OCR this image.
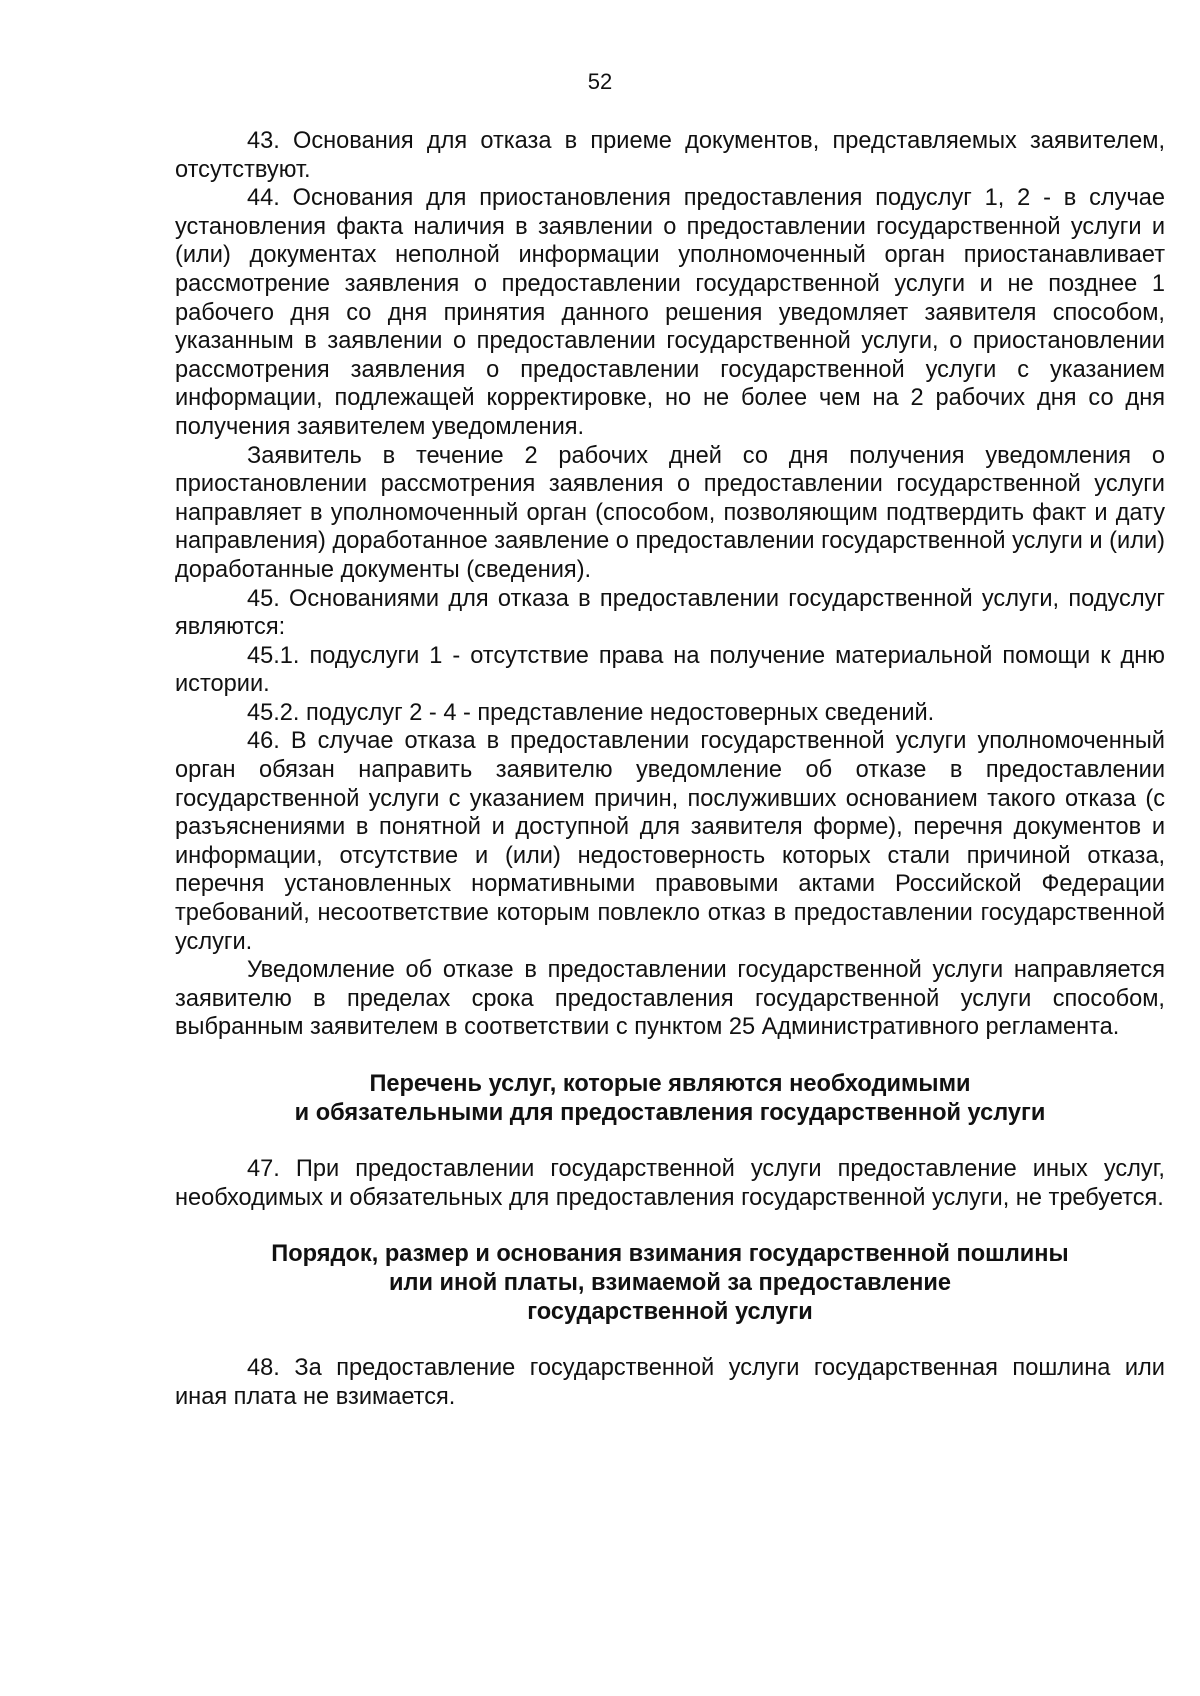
52

43. Основания для отказа в приеме документов, представляемых заявителем, отсутствуют.

44. Основания для приостановления предоставления подуслуг 1, 2 - в случае установления факта наличия в заявлении о предоставлении государственной услуги и (или) документах неполной информации уполномоченный орган приостанавливает рассмотрение заявления о предоставлении государственной услуги и не позднее 1 рабочего дня со дня принятия данного решения уведомляет заявителя способом, указанным в заявлении о предоставлении государственной услуги, о приостановлении рассмотрения заявления о предоставлении государственной услуги с указанием информации, подлежащей корректировке, но не более чем на 2 рабочих дня со дня получения заявителем уведомления.

Заявитель в течение 2 рабочих дней со дня получения уведомления о приостановлении рассмотрения заявления о предоставлении государственной услуги направляет в уполномоченный орган (способом, позволяющим подтвердить факт и дату направления) доработанное заявление о предоставлении государственной услуги и (или) доработанные документы (сведения).

45. Основаниями для отказа в предоставлении государственной услуги, подуслуг являются:

45.1. подуслуги 1 - отсутствие права на получение материальной помощи к дню истории.

45.2. подуслуг 2 - 4 - представление недостоверных сведений.

46. В случае отказа в предоставлении государственной услуги уполномоченный орган обязан направить заявителю уведомление об отказе в предоставлении государственной услуги с указанием причин, послуживших основанием такого отказа (с разъяснениями в понятной и доступной для заявителя форме), перечня документов и информации, отсутствие и (или) недостоверность которых стали причиной отказа, перечня установленных нормативными правовыми актами Российской Федерации требований, несоответствие которым повлекло отказ в предоставлении государственной услуги.

Уведомление об отказе в предоставлении государственной услуги направляется заявителю в пределах срока предоставления государственной услуги способом, выбранным заявителем в соответствии с пунктом 25 Административного регламента.

Перечень услуг, которые являются необходимыми
и обязательными для предоставления государственной услуги

47. При предоставлении государственной услуги предоставление иных услуг, необходимых и обязательных для предоставления государственной услуги, не требуется.

Порядок, размер и основания взимания государственной пошлины
или иной платы, взимаемой за предоставление
государственной услуги

48. За предоставление государственной услуги государственная пошлина или иная плата не взимается.
